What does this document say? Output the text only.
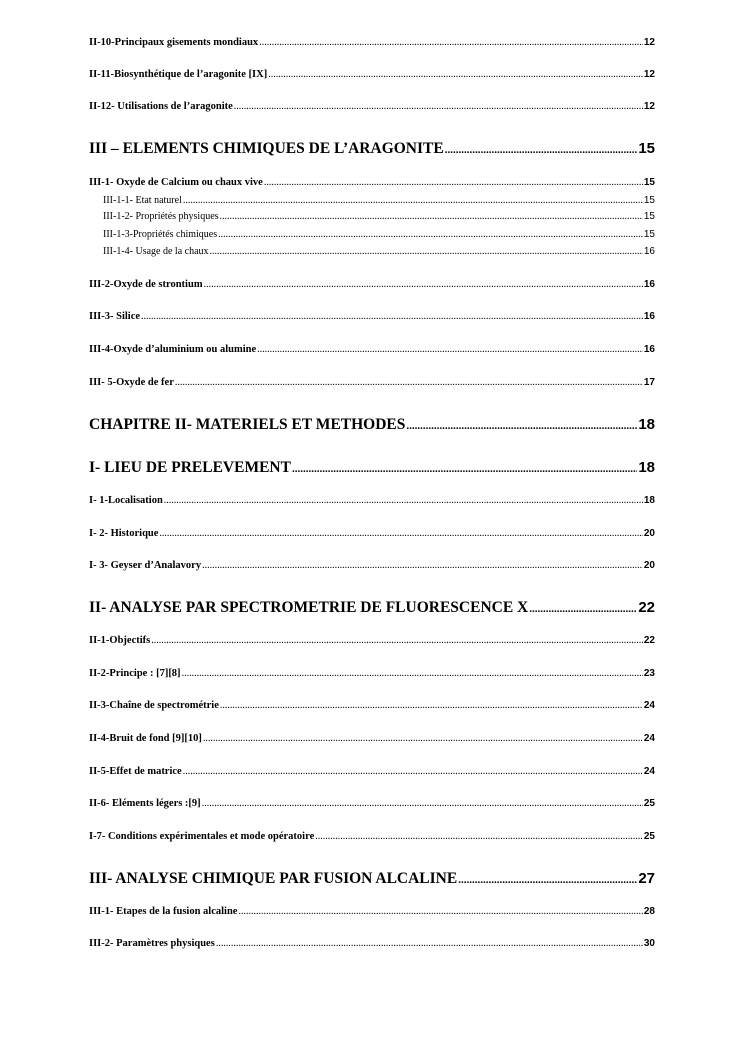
II-10-Principaux gisements mondiaux .....	12
II-11-Biosynthétique de l’aragonite [IX] .....	12
II-12- Utilisations de l’aragonite .....	12
III – ELEMENTS CHIMIQUES DE L’ARAGONITE .....	15
III-1- Oxyde de Calcium ou chaux vive .....	15
III-1-1- Etat naturel .....	15
III-1-2- Propriétés physiques .....	15
III-1-3-Propriétés chimiques .....	15
III-1-4- Usage de la chaux .....	16
III-2-Oxyde de strontium .....	16
III-3- Silice .....	16
III-4-Oxyde d’aluminium ou alumine .....	16
III- 5-Oxyde de fer .....	17
CHAPITRE II- MATERIELS ET METHODES .....	18
I- LIEU DE PRELEVEMENT .....	18
I- 1-Localisation .....	18
I- 2- Historique .....	20
I- 3- Geyser d’Analavory .....	20
II- ANALYSE PAR SPECTROMETRIE DE FLUORESCENCE X .....	22
II-1-Objectifs .....	22
II-2-Principe : [7][8] .....	23
II-3-Chaîne de spectrométrie .....	24
II-4-Bruit de fond [9][10] .....	24
II-5-Effet de matrice .....	24
II-6- Eléments légers :[9] .....	25
I-7- Conditions expérimentales et mode opératoire .....	25
III- ANALYSE CHIMIQUE PAR FUSION ALCALINE .....	27
III-1- Etapes de la fusion alcaline .....	28
III-2- Paramètres physiques .....	30
